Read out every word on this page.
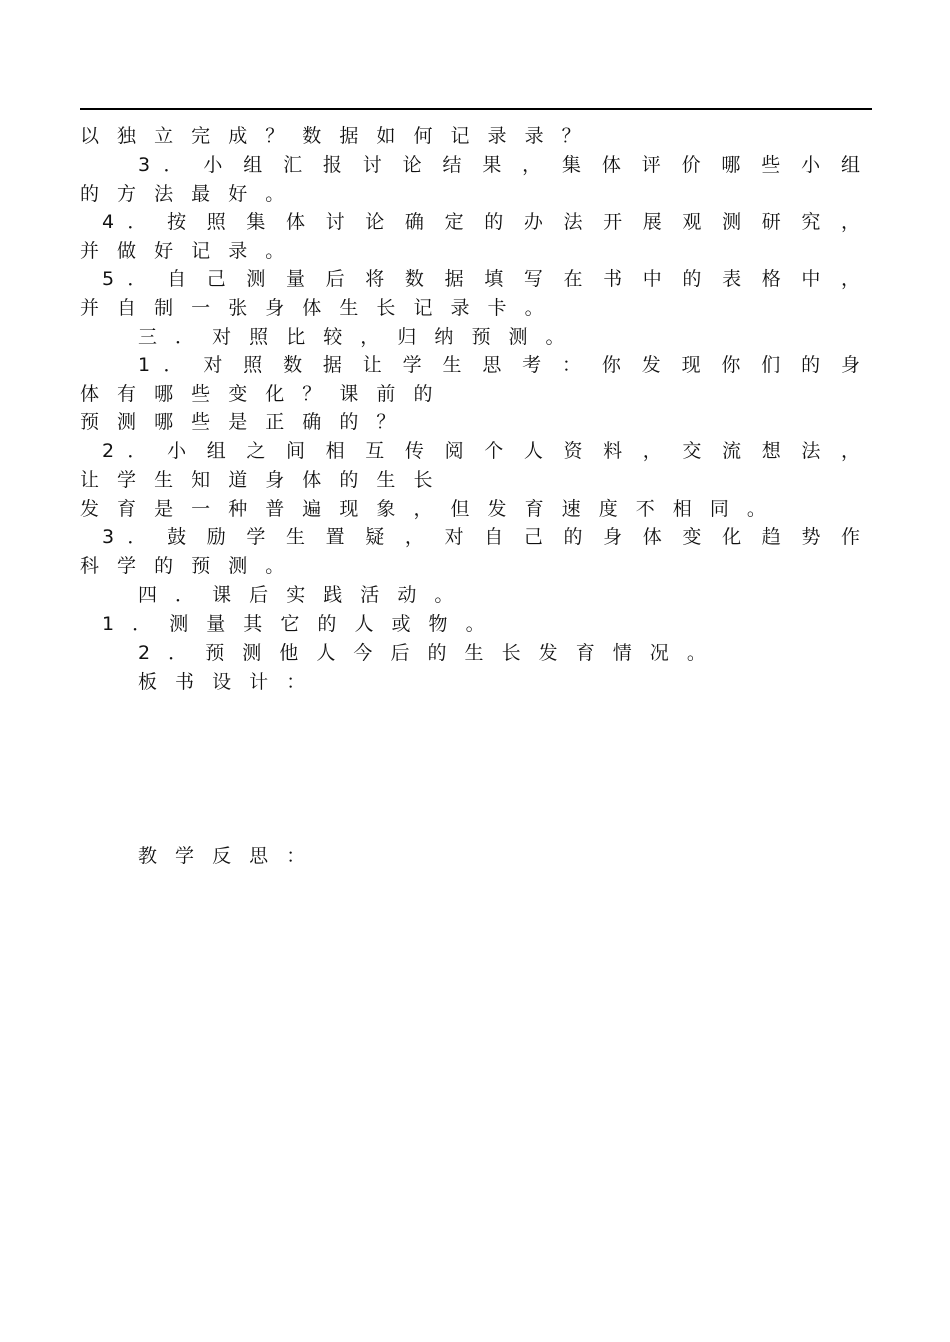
以独立完成？数据如何记录录？
3 ． 小 组 汇 报 讨 论 结 果 ， 集 体 评 价 哪 些 小 组
的方法最好。
4 ． 按 照 集 体 讨 论 确 定 的 办 法 开 展 观 测 研 究 ，
并做好记录。
5 ． 自 己 测 量 后 将 数 据 填 写 在 书 中 的 表 格 中 ，
并自制一张身体生长记录卡。
三．对照比较，归纳预测。
1 ． 对 照 数 据 让 学 生 思 考 ： 你 发 现 你 们 的 身
体有哪些变化？课前的
预测哪些是正确的？
2 ． 小 组 之 间 相 互 传 阅 个 人 资 料 ， 交 流 想 法 ，
让学生知道身体的生长
发育是一种普遍现象，但发育速度不相同。
3 ． 鼓 励 学 生 置 疑 ， 对 自 己 的 身 体 变 化 趋 势 作
科学的预测。
四．课后实践活动。
1．测量其它的人或物。
2．预测他人今后的生长发育情况。
板书设计：
教学反思：
